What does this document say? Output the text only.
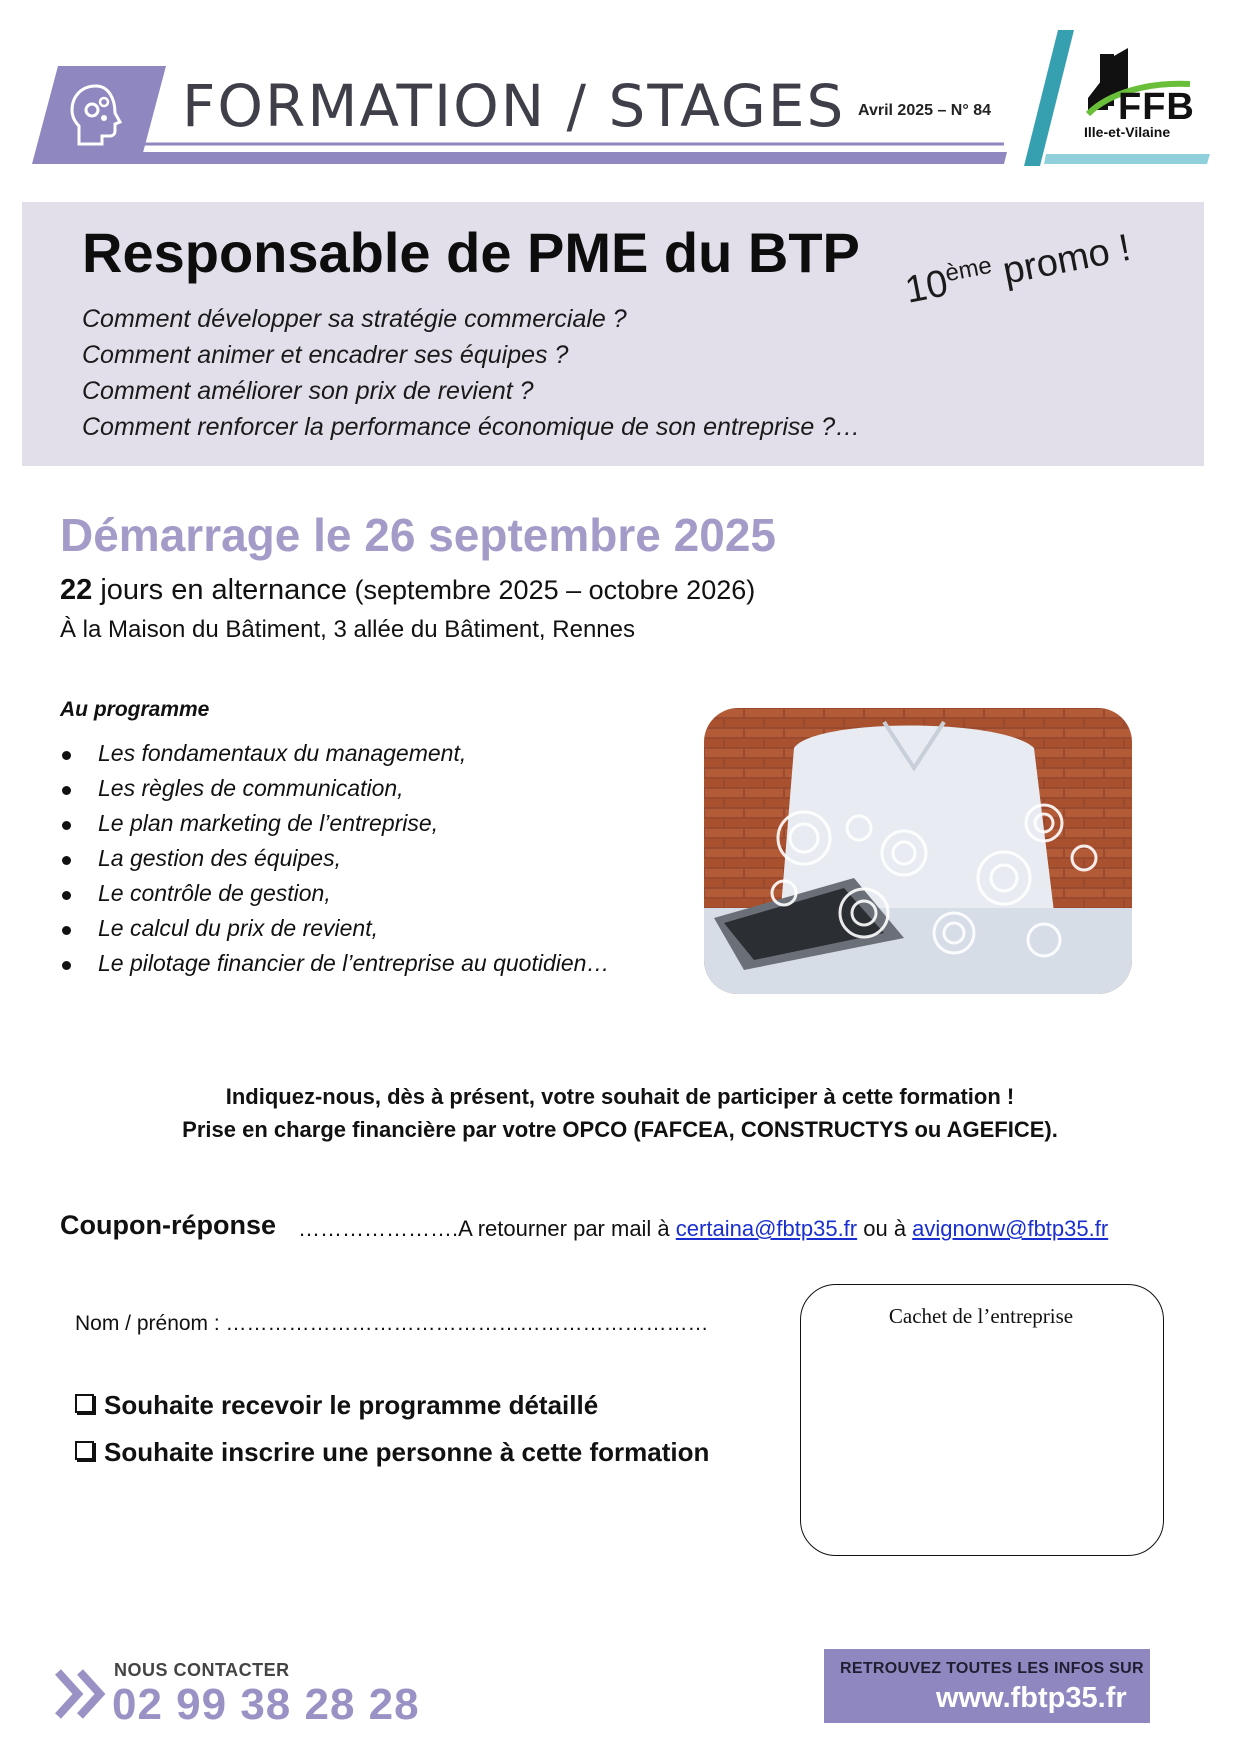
FORMATION / STAGES Avril 2025 – N° 84	FFB
Ille-et-Vilaine
Responsable de PME du BTP
Comment développer sa stratégie commerciale ?
Comment animer et encadrer ses équipes ?
Comment améliorer son prix de revient ?
Comment renforcer la performance économique de son entreprise ?…
10ème promo !
Démarrage le 26 septembre 2025
22 jours en alternance (septembre 2025 – octobre 2026)
À la Maison du Bâtiment, 3 allée du Bâtiment, Rennes
Au programme
Les fondamentaux du management,
Les règles de communication,
Le plan marketing de l’entreprise,
La gestion des équipes,
Le contrôle de gestion,
Le calcul du prix de revient,
Le pilotage financier de l’entreprise au quotidien…
Indiquez-nous, dès à présent, votre souhait de participer à cette formation !
Prise en charge financière par votre OPCO (FAFCEA, CONSTRUCTYS ou AGEFICE).
Coupon-réponse ………………….A retourner par mail à certaina@fbtp35.fr ou à avignonw@fbtp35.fr
Nom / prénom : ……………………………………………………………
Souhaite recevoir le programme détaillé
Souhaite inscrire une personne à cette formation
Cachet de l’entreprise
NOUS CONTACTER
02 99 38 28 28
RETROUVEZ TOUTES LES INFOS SUR
www.fbtp35.fr
